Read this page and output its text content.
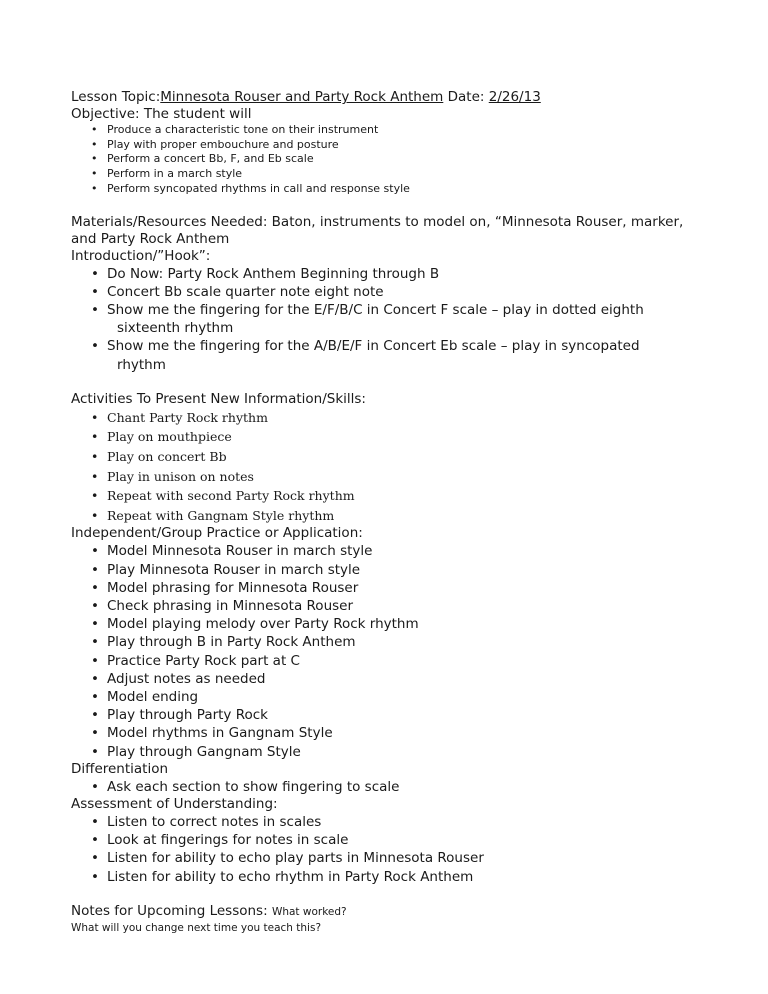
Lesson Topic:Minnesota Rouser and Party Rock Anthem Date: 2/26/13
Objective: The student will
• Produce a characteristic tone on their instrument
• Play with proper embouchure and posture
• Perform a concert Bb, F, and Eb scale
• Perform in a march style
• Perform syncopated rhythms in call and response style
Materials/Resources Needed: Baton, instruments to model on, “Minnesota Rouser, marker, and Party Rock Anthem
Introduction/”Hook”:
• Do Now: Party Rock Anthem Beginning through B
• Concert Bb scale quarter note eight note
• Show me the fingering for the E/F/B/C in Concert F scale – play in dotted eighth
sixteenth rhythm
• Show me the fingering for the A/B/E/F in Concert Eb scale – play in syncopated
rhythm
Activities To Present New Information/Skills:
• Chant Party Rock rhythm
• Play on mouthpiece
• Play on concert Bb
• Play in unison on notes
• Repeat with second Party Rock rhythm
• Repeat with Gangnam Style rhythm
Independent/Group Practice or Application:
• Model Minnesota Rouser in march style
• Play Minnesota Rouser in march style
• Model phrasing for Minnesota Rouser
• Check phrasing in Minnesota Rouser
• Model playing melody over Party Rock rhythm
• Play through B in Party Rock Anthem
• Practice Party Rock part at C
• Adjust notes as needed
• Model ending
• Play through Party Rock
• Model rhythms in Gangnam Style
• Play through Gangnam Style
Differentiation
• Ask each section to show fingering to scale
Assessment of Understanding:
• Listen to correct notes in scales
• Look at fingerings for notes in scale
• Listen for ability to echo play parts in Minnesota Rouser
• Listen for ability to echo rhythm in Party Rock Anthem
Notes for Upcoming Lessons: What worked?
What will you change next time you teach this?
